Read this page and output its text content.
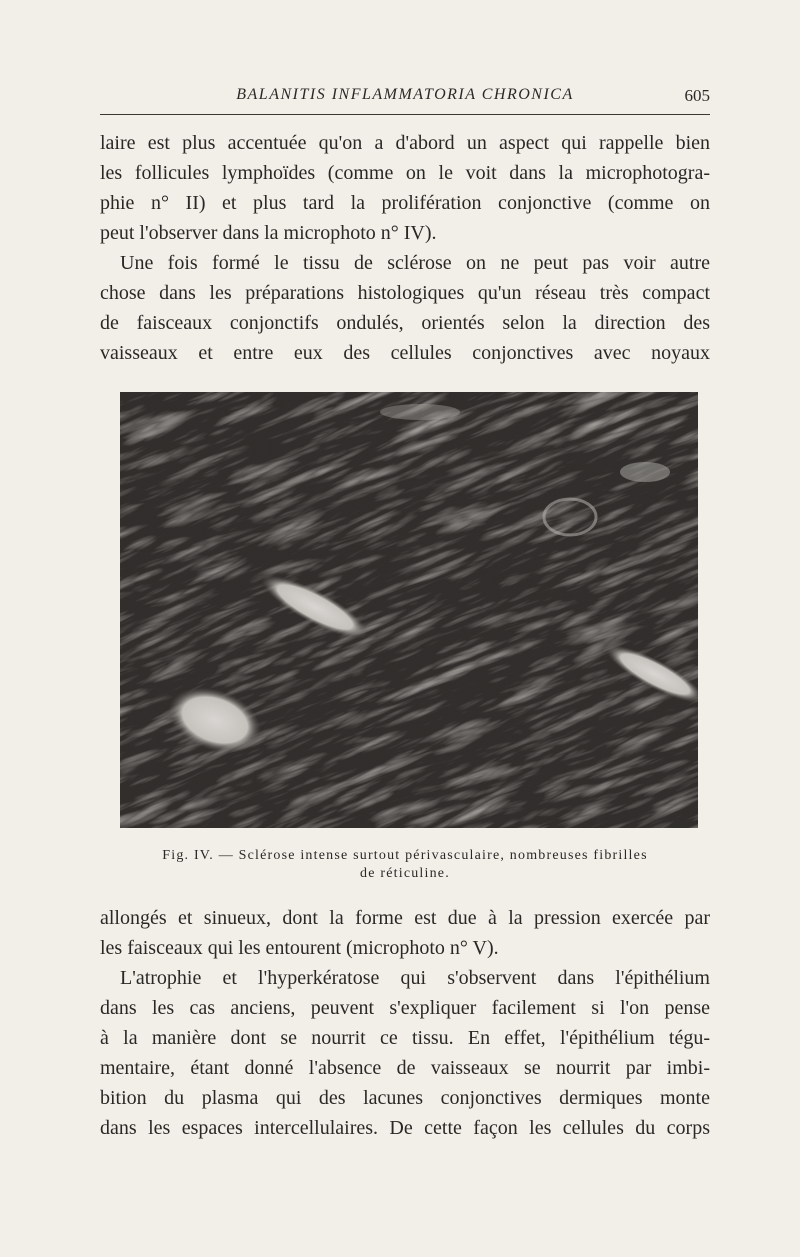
BALANITIS INFLAMMATORIA CHRONICA	605
laire est plus accentuée qu'on a d'abord un aspect qui rappelle bien
les follicules lymphoïdes (comme on le voit dans la microphotogra-
phie n° II) et plus tard la prolifération conjonctive (comme on
peut l'observer dans la microphoto n° IV).
Une fois formé le tissu de sclérose on ne peut pas voir autre
chose dans les préparations histologiques qu'un réseau très compact
de faisceaux conjonctifs ondulés, orientés selon la direction des
vaisseaux et entre eux des cellules conjonctives avec noyaux
Fig. IV. — Sclérose intense surtout périvasculaire, nombreuses fibrilles
de réticuline.
allongés et sinueux, dont la forme est due à la pression exercée par
les faisceaux qui les entourent (microphoto n° V).
L'atrophie et l'hyperkératose qui s'observent dans l'épithélium
dans les cas anciens, peuvent s'expliquer facilement si l'on pense
à la manière dont se nourrit ce tissu. En effet, l'épithélium tégu-
mentaire, étant donné l'absence de vaisseaux se nourrit par imbi-
bition du plasma qui des lacunes conjonctives dermiques monte
dans les espaces intercellulaires. De cette façon les cellules du corps
